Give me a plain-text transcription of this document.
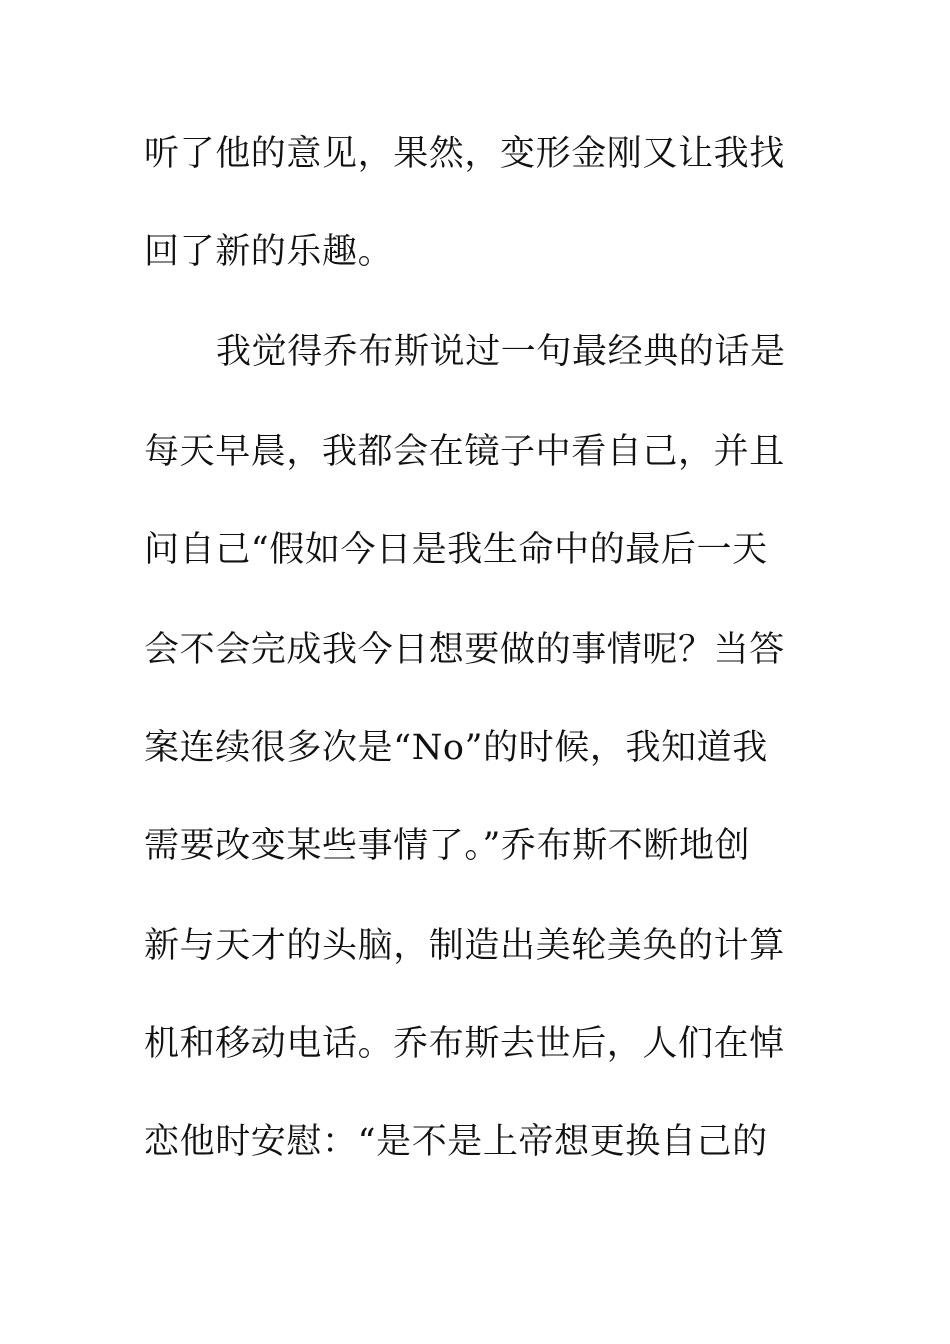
听了他的意见，果然，变形金刚又让我找
回了新的乐趣。
我觉得乔布斯说过一句最经典的话是
每天早晨，我都会在镜子中看自己，并且
问自己“假如今日是我生命中的最后一天
会不会完成我今日想要做的事情呢？当答
案连续很多次是“No”的时候，我知道我
需要改变某些事情了。”乔布斯不断地创
新与天才的头脑，制造出美轮美奂的计算
机和移动电话。乔布斯去世后，人们在悼
恋他时安慰：“是不是上帝想更换自己的
